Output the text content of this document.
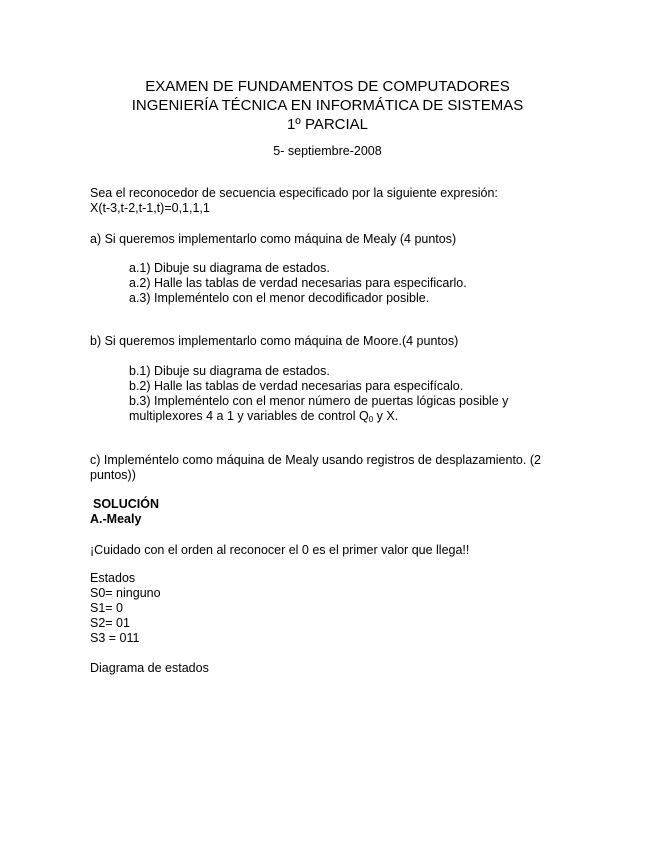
EXAMEN DE FUNDAMENTOS DE COMPUTADORES
INGENIERÍA TÉCNICA EN INFORMÁTICA DE SISTEMAS
1º PARCIAL
5- septiembre-2008
Sea el reconocedor de secuencia especificado por la siguiente expresión:
X(t-3,t-2,t-1,t)=0,1,1,1
a) Si queremos implementarlo como máquina de Mealy (4 puntos)
a.1) Dibuje su diagrama de estados.
a.2) Halle las tablas de verdad necesarias para especificarlo.
a.3) Impleméntelo con el menor decodificador posible.
b) Si queremos implementarlo como máquina de Moore.(4 puntos)
b.1) Dibuje su diagrama de estados.
b.2) Halle las tablas de verdad necesarias para especifícalo.
b.3) Impleméntelo con el menor número de puertas lógicas posible y
multiplexores 4 a 1 y variables de control $Q_0$ y X.
c) Impleméntelo como máquina de Mealy usando registros de desplazamiento. (2
puntos))
SOLUCIÓN
A.-Mealy
¡Cuidado con el orden al reconocer el 0 es el primer valor que llega!!
Estados
S0= ninguno
S1= 0
S2= 01
S3 = 011
Diagrama de estados
